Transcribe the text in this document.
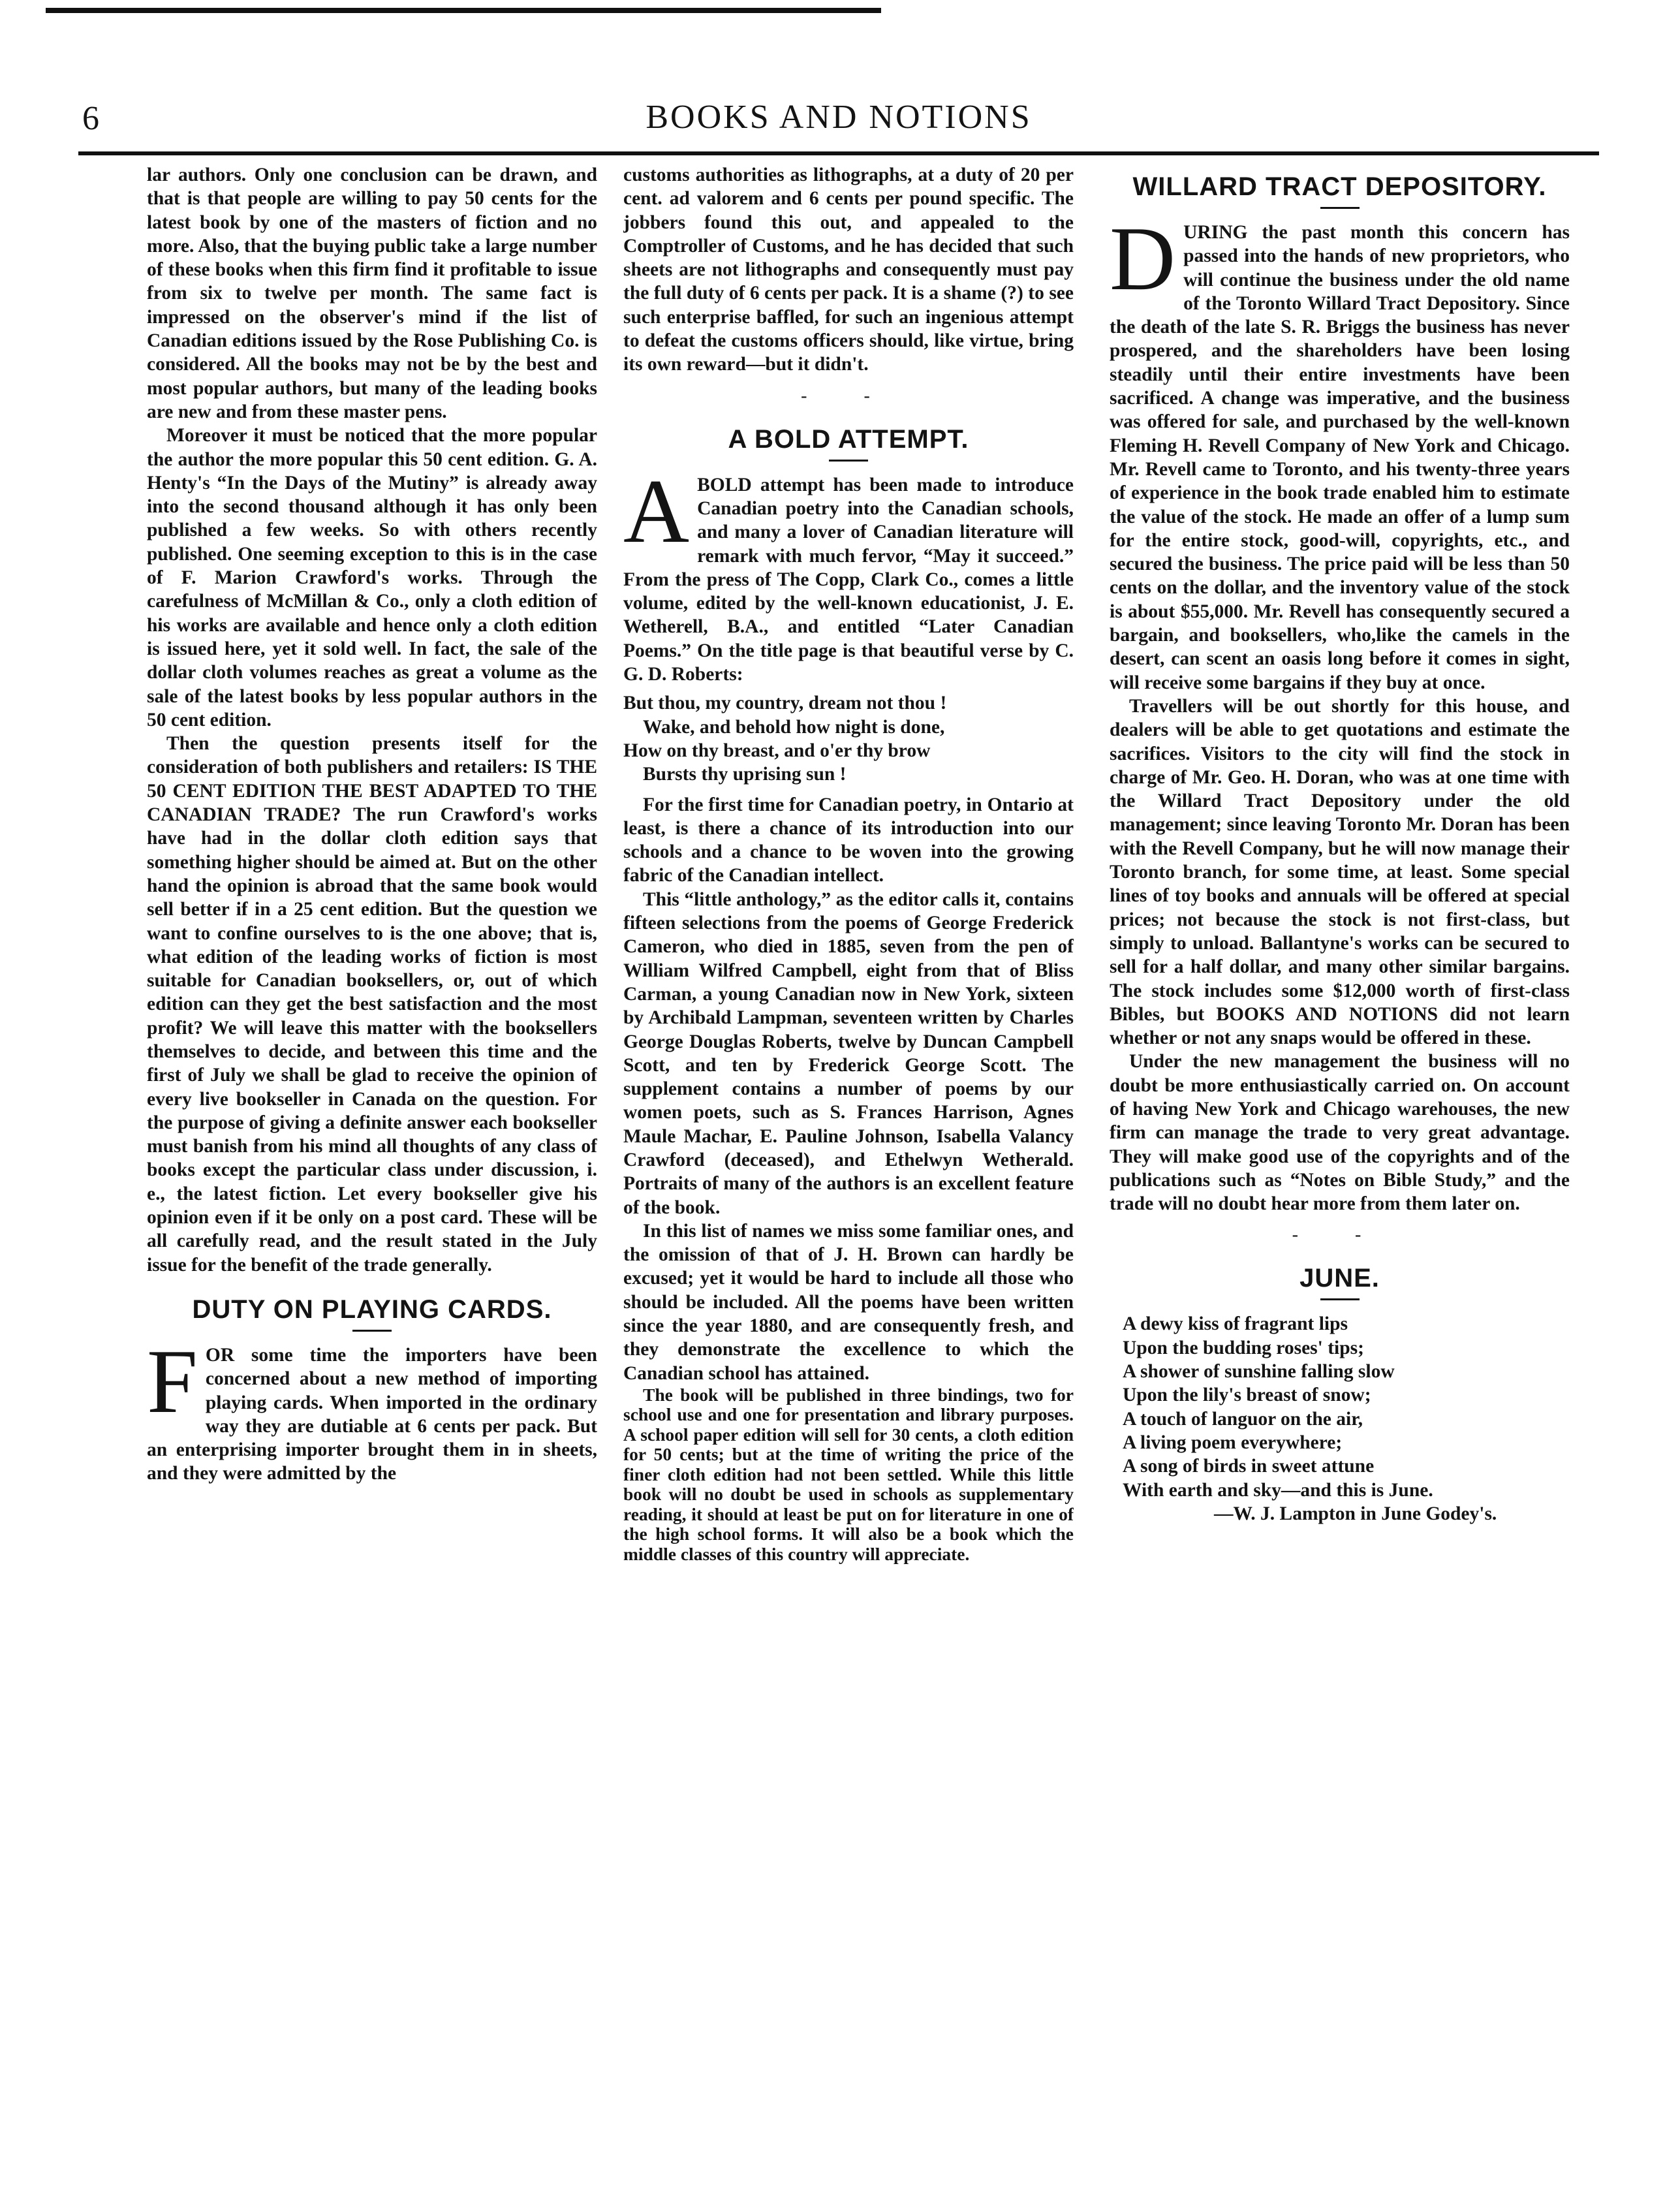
6	BOOKS AND NOTIONS

lar authors. Only one conclusion can be drawn, and that is that people are willing to pay 50 cents for the latest book by one of the masters of fiction and no more. Also, that the buying public take a large number of these books when this firm find it profitable to issue from six to twelve per month. The same fact is impressed on the observer's mind if the list of Canadian editions issued by the Rose Publishing Co. is considered. All the books may not be by the best and most popular authors, but many of the leading books are new and from these master pens.

Moreover it must be noticed that the more popular the author the more popular this 50 cent edition. G. A. Henty's “In the Days of the Mutiny” is already away into the second thousand although it has only been published a few weeks. So with others recently published. One seeming exception to this is in the case of F. Marion Crawford's works. Through the carefulness of McMillan & Co., only a cloth edition of his works are available and hence only a cloth edition is issued here, yet it sold well. In fact, the sale of the dollar cloth volumes reaches as great a volume as the sale of the latest books by less popular authors in the 50 cent edition.

Then the question presents itself for the consideration of both publishers and retailers: IS THE 50 CENT EDITION THE BEST ADAPTED TO THE CANADIAN TRADE? The run Crawford's works have had in the dollar cloth edition says that something higher should be aimed at. But on the other hand the opinion is abroad that the same book would sell better if in a 25 cent edition. But the question we want to confine ourselves to is the one above; that is, what edition of the leading works of fiction is most suitable for Canadian booksellers, or, out of which edition can they get the best satisfaction and the most profit? We will leave this matter with the booksellers themselves to decide, and between this time and the first of July we shall be glad to receive the opinion of every live bookseller in Canada on the question. For the purpose of giving a definite answer each bookseller must banish from his mind all thoughts of any class of books except the particular class under discussion, i. e., the latest fiction. Let every bookseller give his opinion even if it be only on a post card. These will be all carefully read, and the result stated in the July issue for the benefit of the trade generally.

DUTY ON PLAYING CARDS.

FOR some time the importers have been concerned about a new method of importing playing cards. When imported in the ordinary way they are dutiable at 6 cents per pack. But an enterprising importer brought them in in sheets, and they were admitted by the

customs authorities as lithographs, at a duty of 20 per cent. ad valorem and 6 cents per pound specific. The jobbers found this out, and appealed to the Comptroller of Customs, and he has decided that such sheets are not lithographs and consequently must pay the full duty of 6 cents per pack. It is a shame (?) to see such enterprise baffled, for such an ingenious attempt to defeat the customs officers should, like virtue, bring its own reward—but it didn't.

- -
A BOLD ATTEMPT.

ABOLD attempt has been made to introduce Canadian poetry into the Canadian schools, and many a lover of Canadian literature will remark with much fervor, “May it succeed.” From the press of The Copp, Clark Co., comes a little volume, edited by the well-known educationist, J. E. Wetherell, B.A., and entitled “Later Canadian Poems.” On the title page is that beautiful verse by C. G. D. Roberts:

But thou, my country, dream not thou !
Wake, and behold how night is done,
How on thy breast, and o'er thy brow
Bursts thy uprising sun !

For the first time for Canadian poetry, in Ontario at least, is there a chance of its introduction into our schools and a chance to be woven into the growing fabric of the Canadian intellect.

This “little anthology,” as the editor calls it, contains fifteen selections from the poems of George Frederick Cameron, who died in 1885, seven from the pen of William Wilfred Campbell, eight from that of Bliss Carman, a young Canadian now in New York, sixteen by Archibald Lampman, seventeen written by Charles George Douglas Roberts, twelve by Duncan Campbell Scott, and ten by Frederick George Scott. The supplement contains a number of poems by our women poets, such as S. Frances Harrison, Agnes Maule Machar, E. Pauline Johnson, Isabella Valancy Crawford (deceased), and Ethelwyn Wetherald. Portraits of many of the authors is an excellent feature of the book.

In this list of names we miss some familiar ones, and the omission of that of J. H. Brown can hardly be excused; yet it would be hard to include all those who should be included. All the poems have been written since the year 1880, and are consequently fresh, and they demonstrate the excellence to which the Canadian school has attained.

The book will be published in three bindings, two for school use and one for presentation and library purposes. A school paper edition will sell for 30 cents, a cloth edition for 50 cents; but at the time of writing the price of the finer cloth edition had not been settled. While this little book will no doubt be used in schools as supplementary reading, it should at least be put on for literature in one of the high school forms. It will also be a book which the middle classes of this country will appreciate.

WILLARD TRACT DEPOSITORY.

DURING the past month this concern has passed into the hands of new proprietors, who will continue the business under the old name of the Toronto Willard Tract Depository. Since the death of the late S. R. Briggs the business has never prospered, and the shareholders have been losing steadily until their entire investments have been sacrificed. A change was imperative, and the business was offered for sale, and purchased by the well-known Fleming H. Revell Company of New York and Chicago. Mr. Revell came to Toronto, and his twenty-three years of experience in the book trade enabled him to estimate the value of the stock. He made an offer of a lump sum for the entire stock, good-will, copyrights, etc., and secured the business. The price paid will be less than 50 cents on the dollar, and the inventory value of the stock is about $55,000. Mr. Revell has consequently secured a bargain, and booksellers, who,like the camels in the desert, can scent an oasis long before it comes in sight, will receive some bargains if they buy at once.

Travellers will be out shortly for this house, and dealers will be able to get quotations and estimate the sacrifices. Visitors to the city will find the stock in charge of Mr. Geo. H. Doran, who was at one time with the Willard Tract Depository under the old management; since leaving Toronto Mr. Doran has been with the Revell Company, but he will now manage their Toronto branch, for some time, at least. Some special lines of toy books and annuals will be offered at special prices; not because the stock is not first-class, but simply to unload. Ballantyne's works can be secured to sell for a half dollar, and many other similar bargains. The stock includes some $12,000 worth of first-class Bibles, but BOOKS AND NOTIONS did not learn whether or not any snaps would be offered in these.

Under the new management the business will no doubt be more enthusiastically carried on. On account of having New York and Chicago warehouses, the new firm can manage the trade to very great advantage. They will make good use of the copyrights and of the publications such as “Notes on Bible Study,” and the trade will no doubt hear more from them later on.

- -
JUNE.
A dewy kiss of fragrant lips
Upon the budding roses' tips;
A shower of sunshine falling slow
Upon the lily's breast of snow;
A touch of languor on the air,
A living poem everywhere;
A song of birds in sweet attune
With earth and sky—and this is June.
—W. J. Lampton in June Godey's.
